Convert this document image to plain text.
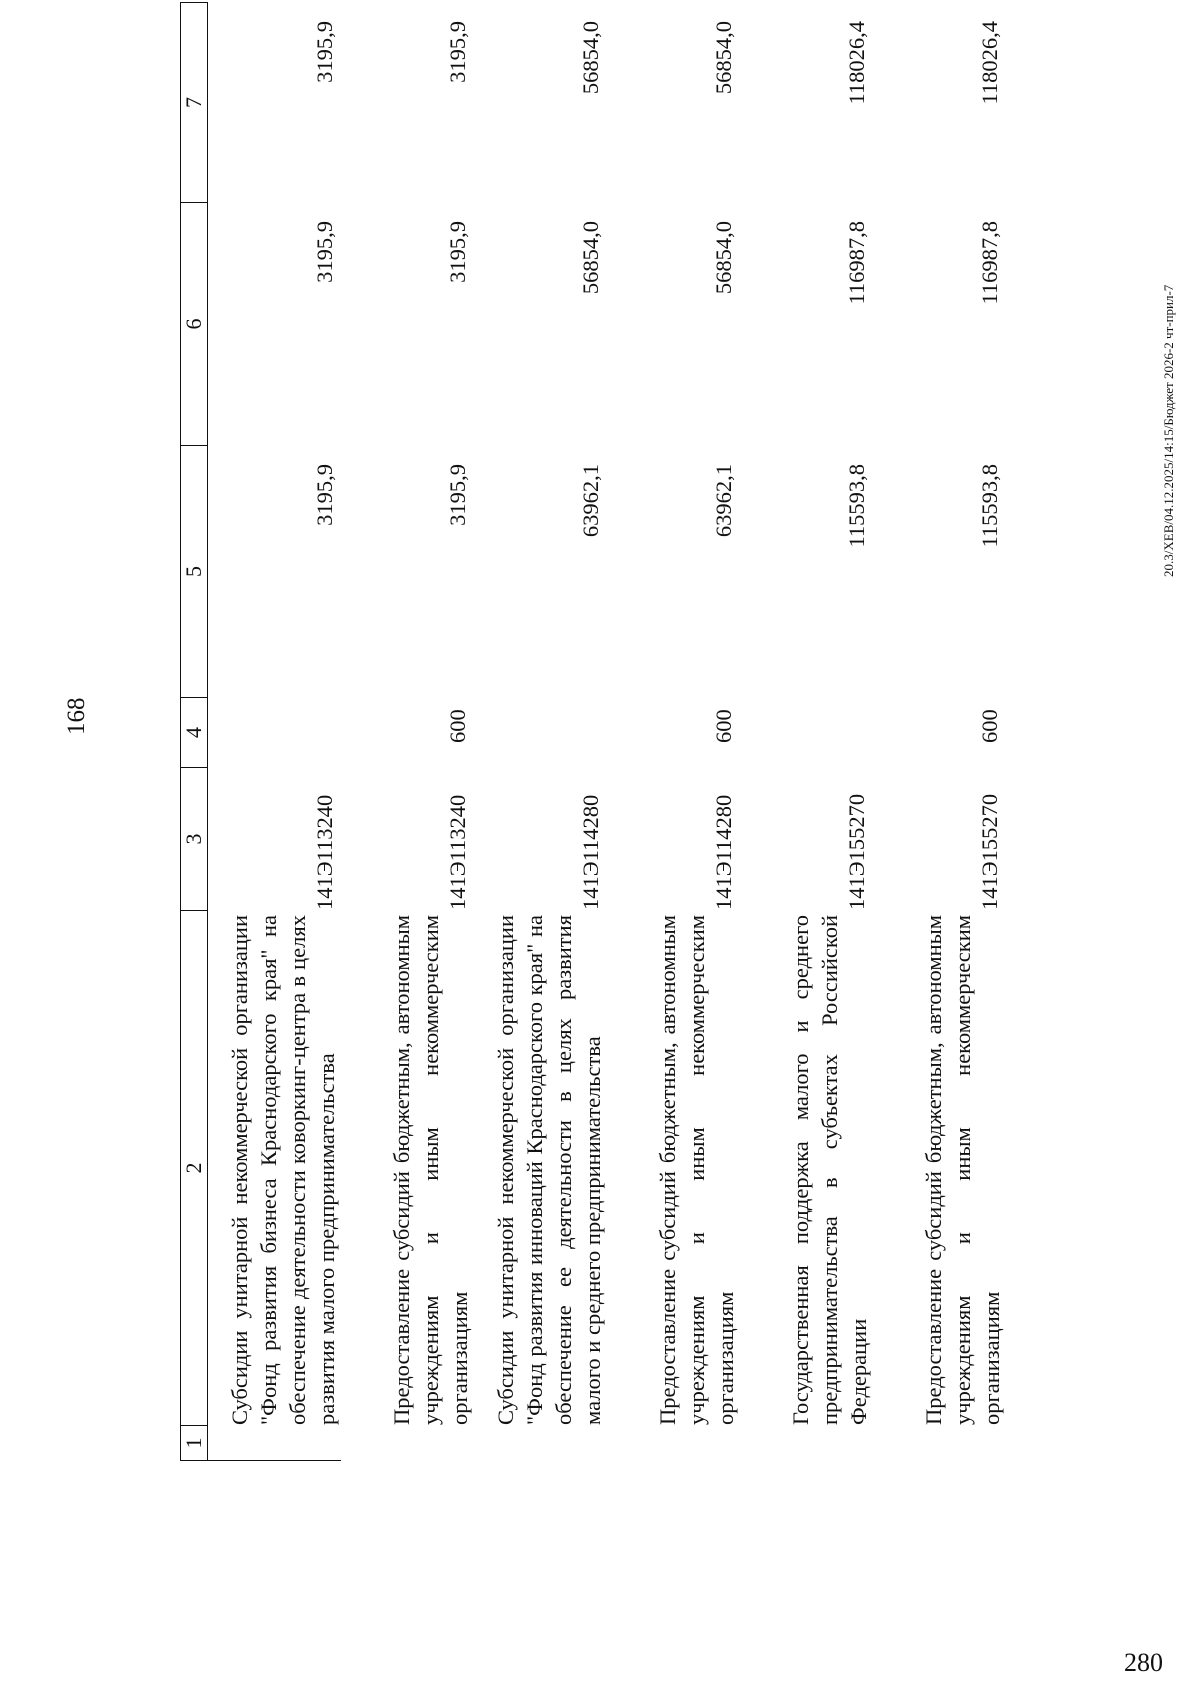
168
1	2	3	4	5	6	7
	Субсидии унитарной некоммерческой организации "Фонд развития бизнеса Краснодарского края" на обеспечение деятельности коворкинг-центра в целях развития малого предпринимательства	141Э113240		3195,9	3195,9	3195,9
	Предоставление субсидий бюджетным, автономным учреждениям и иным некоммерческим организациям	141Э113240	600	3195,9	3195,9	3195,9
	Субсидии унитарной некоммерческой организации "Фонд развития инноваций Краснодарского края" на обеспечение ее деятельности в целях развития малого и среднего предпринимательства	141Э114280		63962,1	56854,0	56854,0
	Предоставление субсидий бюджетным, автономным учреждениям и иным некоммерческим организациям	141Э114280	600	63962,1	56854,0	56854,0
	Государственная поддержка малого и среднего предпринимательства в субъектах Российской Федерации	141Э155270		115593,8	116987,8	118026,4
	Предоставление субсидий бюджетным, автономным учреждениям и иным некоммерческим организациям	141Э155270	600	115593,8	116987,8	118026,4
20.3/ХЕВ/04.12.2025/14:15/Бюджет 2026-2 чт-прил-7
280
